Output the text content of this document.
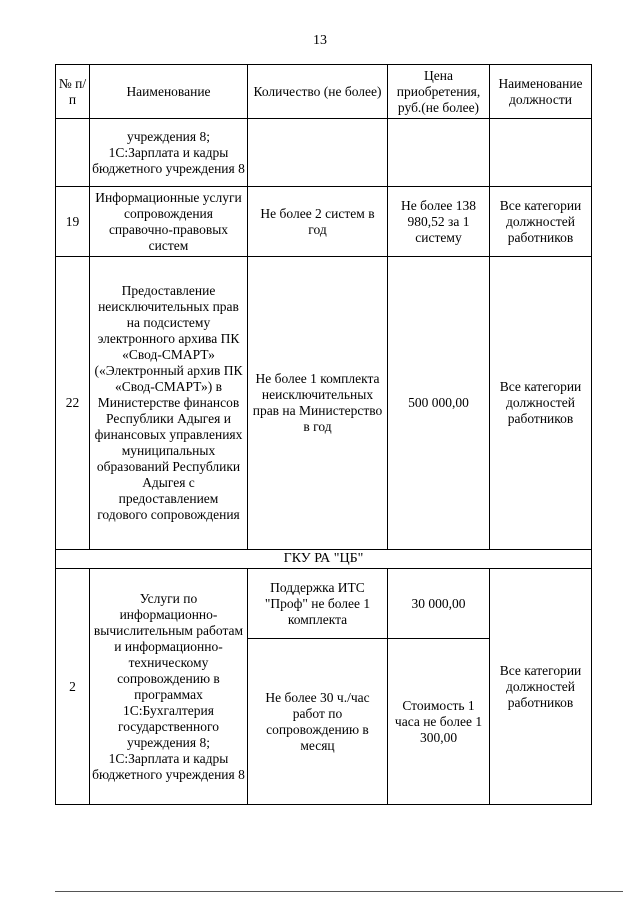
13
№ п/п	Наименование	Количество (не более)	Цена приобретения, руб.(не более)	Наименование должности
	учреждения 8; 1С:Зарплата и кадры бюджетного учреждения 8			
19	Информационные услуги сопровождения справочно-правовых систем	Не более 2 систем в год	Не более 138 980,52 за 1 систему	Все категории должностей работников
22	Предоставление неисключительных прав на подсистему электронного архива ПК «Свод-СМАРТ» («Электронный архив ПК «Свод-СМАРТ») в Министерстве финансов Республики Адыгея и финансовых управлениях муниципальных образований Республики Адыгея с предоставлением годового сопровождения	Не более 1 комплекта неисключительных прав на Министерство в год	500 000,00	Все категории должностей работников
ГКУ РА "ЦБ"				
2	Услуги по информационно-вычислительным работам и информационно-техническому сопровождению в программах 1С:Бухгалтерия государственного учреждения 8; 1С:Зарплата и кадры бюджетного учреждения 8	Поддержка ИТС "Проф" не более 1 комплекта	30 000,00	Все категории должностей работников
		Не более 30 ч./час работ по сопровождению в месяц	Стоимость 1 часа не более 1 300,00	
